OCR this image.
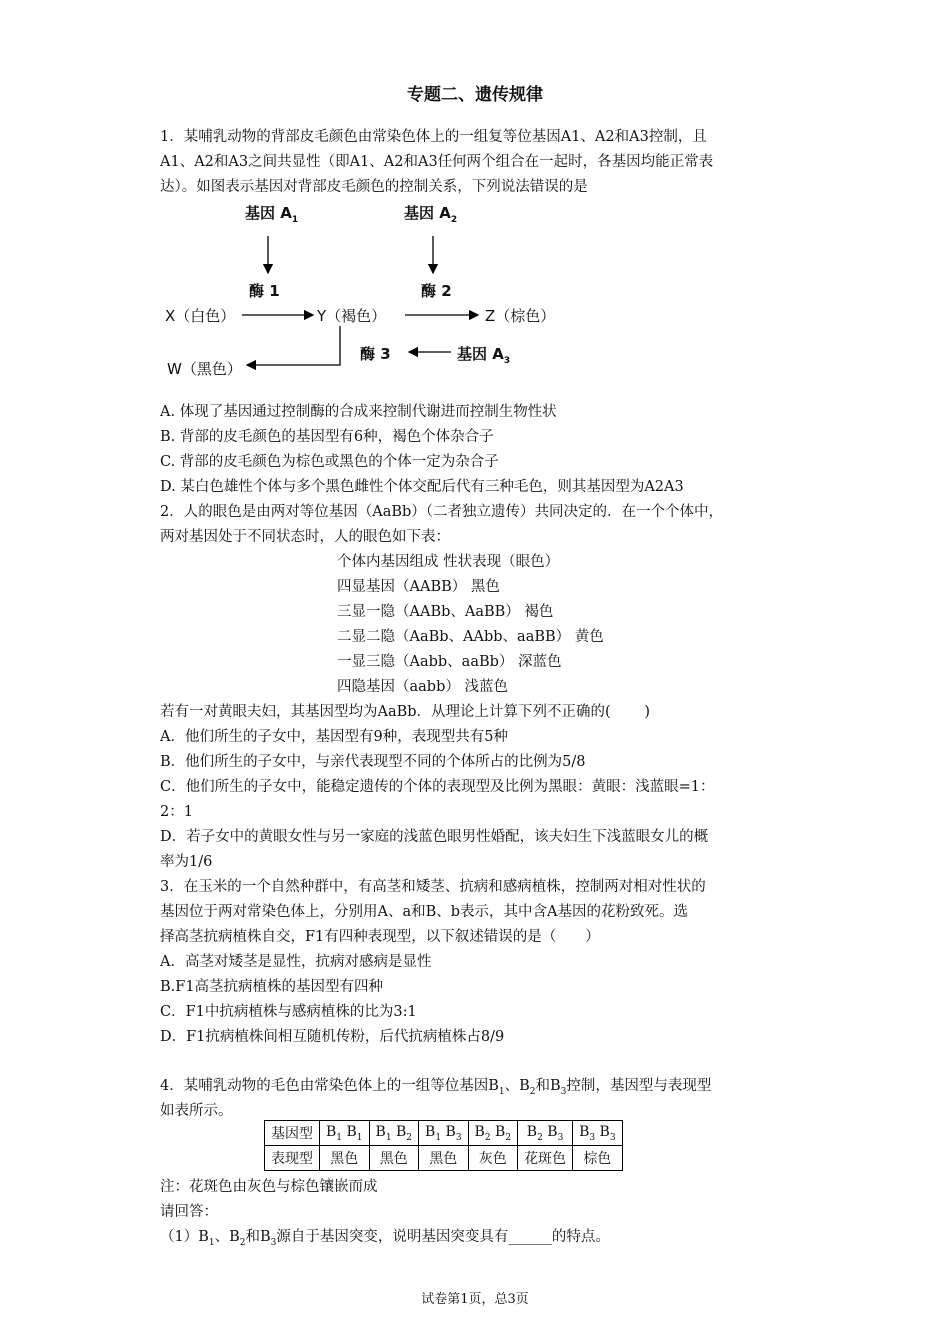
专题二、遗传规律
1．某哺乳动物的背部皮毛颜色由常染色体上的一组复等位基因A1、A2和A3控制，且
A1、A2和A3之间共显性（即A1、A2和A3任何两个组合在一起时，各基因均能正常表
达）。如图表示基因对背部皮毛颜色的控制关系，下列说法错误的是
基因 $A_1$	基因 $A_2$
酶 1	酶 2
X（白色）	Y（褐色）	Z（棕色）
酶 3	基因 $A_3$
W（黑色）
A. 体现了基因通过控制酶的合成来控制代谢进而控制生物性状
B. 背部的皮毛颜色的基因型有6种，褐色个体杂合子
C. 背部的皮毛颜色为棕色或黑色的个体一定为杂合子
D. 某白色雄性个体与多个黑色雌性个体交配后代有三种毛色，则其基因型为A2A3
2．人的眼色是由两对等位基因（AaBb）（二者独立遗传）共同决定的．在一个个体中，
两对基因处于不同状态时，人的眼色如下表：
个体内基因组成 性状表现（眼色）
四显基因（AABB） 黑色
三显一隐（AABb、AaBB） 褐色
二显二隐（AaBb、AAbb、aaBB） 黄色
一显三隐（Aabb、aaBb） 深蓝色
四隐基因（aabb） 浅蓝色
若有一对黄眼夫妇，其基因型均为AaBb．从理论上计算下列不正确的(　　 )
A．他们所生的子女中，基因型有9种，表现型共有5种
B．他们所生的子女中，与亲代表现型不同的个体所占的比例为5/8
C．他们所生的子女中，能稳定遗传的个体的表现型及比例为黑眼：黄眼：浅蓝眼=1：
2：1
D．若子女中的黄眼女性与另一家庭的浅蓝色眼男性婚配，该夫妇生下浅蓝眼女儿的概
率为1/6
3．在玉米的一个自然种群中，有高茎和矮茎、抗病和感病植株，控制两对相对性状的
基因位于两对常染色体上，分别用A、a和B、b表示，其中含A基因的花粉致死。选
择高茎抗病植株自交，F1有四种表现型，以下叙述错误的是（　　）
A．高茎对矮茎是显性，抗病对感病是显性
B.F1高茎抗病植株的基因型有四种
C．F1中抗病植株与感病植株的比为3:1
D．F1抗病植株间相互随机传粉，后代抗病植株占8/9
4．某哺乳动物的毛色由常染色体上的一组等位基因$B_1$、$B_2$和$B_3$控制，基因型与表现型
如表所示。
基因型	$B_1$ $B_1$	$B_1$ $B_2$	$B_1$ $B_3$	$B_2$ $B_2$	$B_2$ $B_3$	$B_3$ $B_3$
表现型	黑色	黑色	黑色	灰色	花斑色	棕色
注：花斑色由灰色与棕色镶嵌而成
请回答：
$(1)B_1$、$B_2$和$B_3$源自于基因突变，说明基因突变具有______的特点。
试卷第1页，总3页
